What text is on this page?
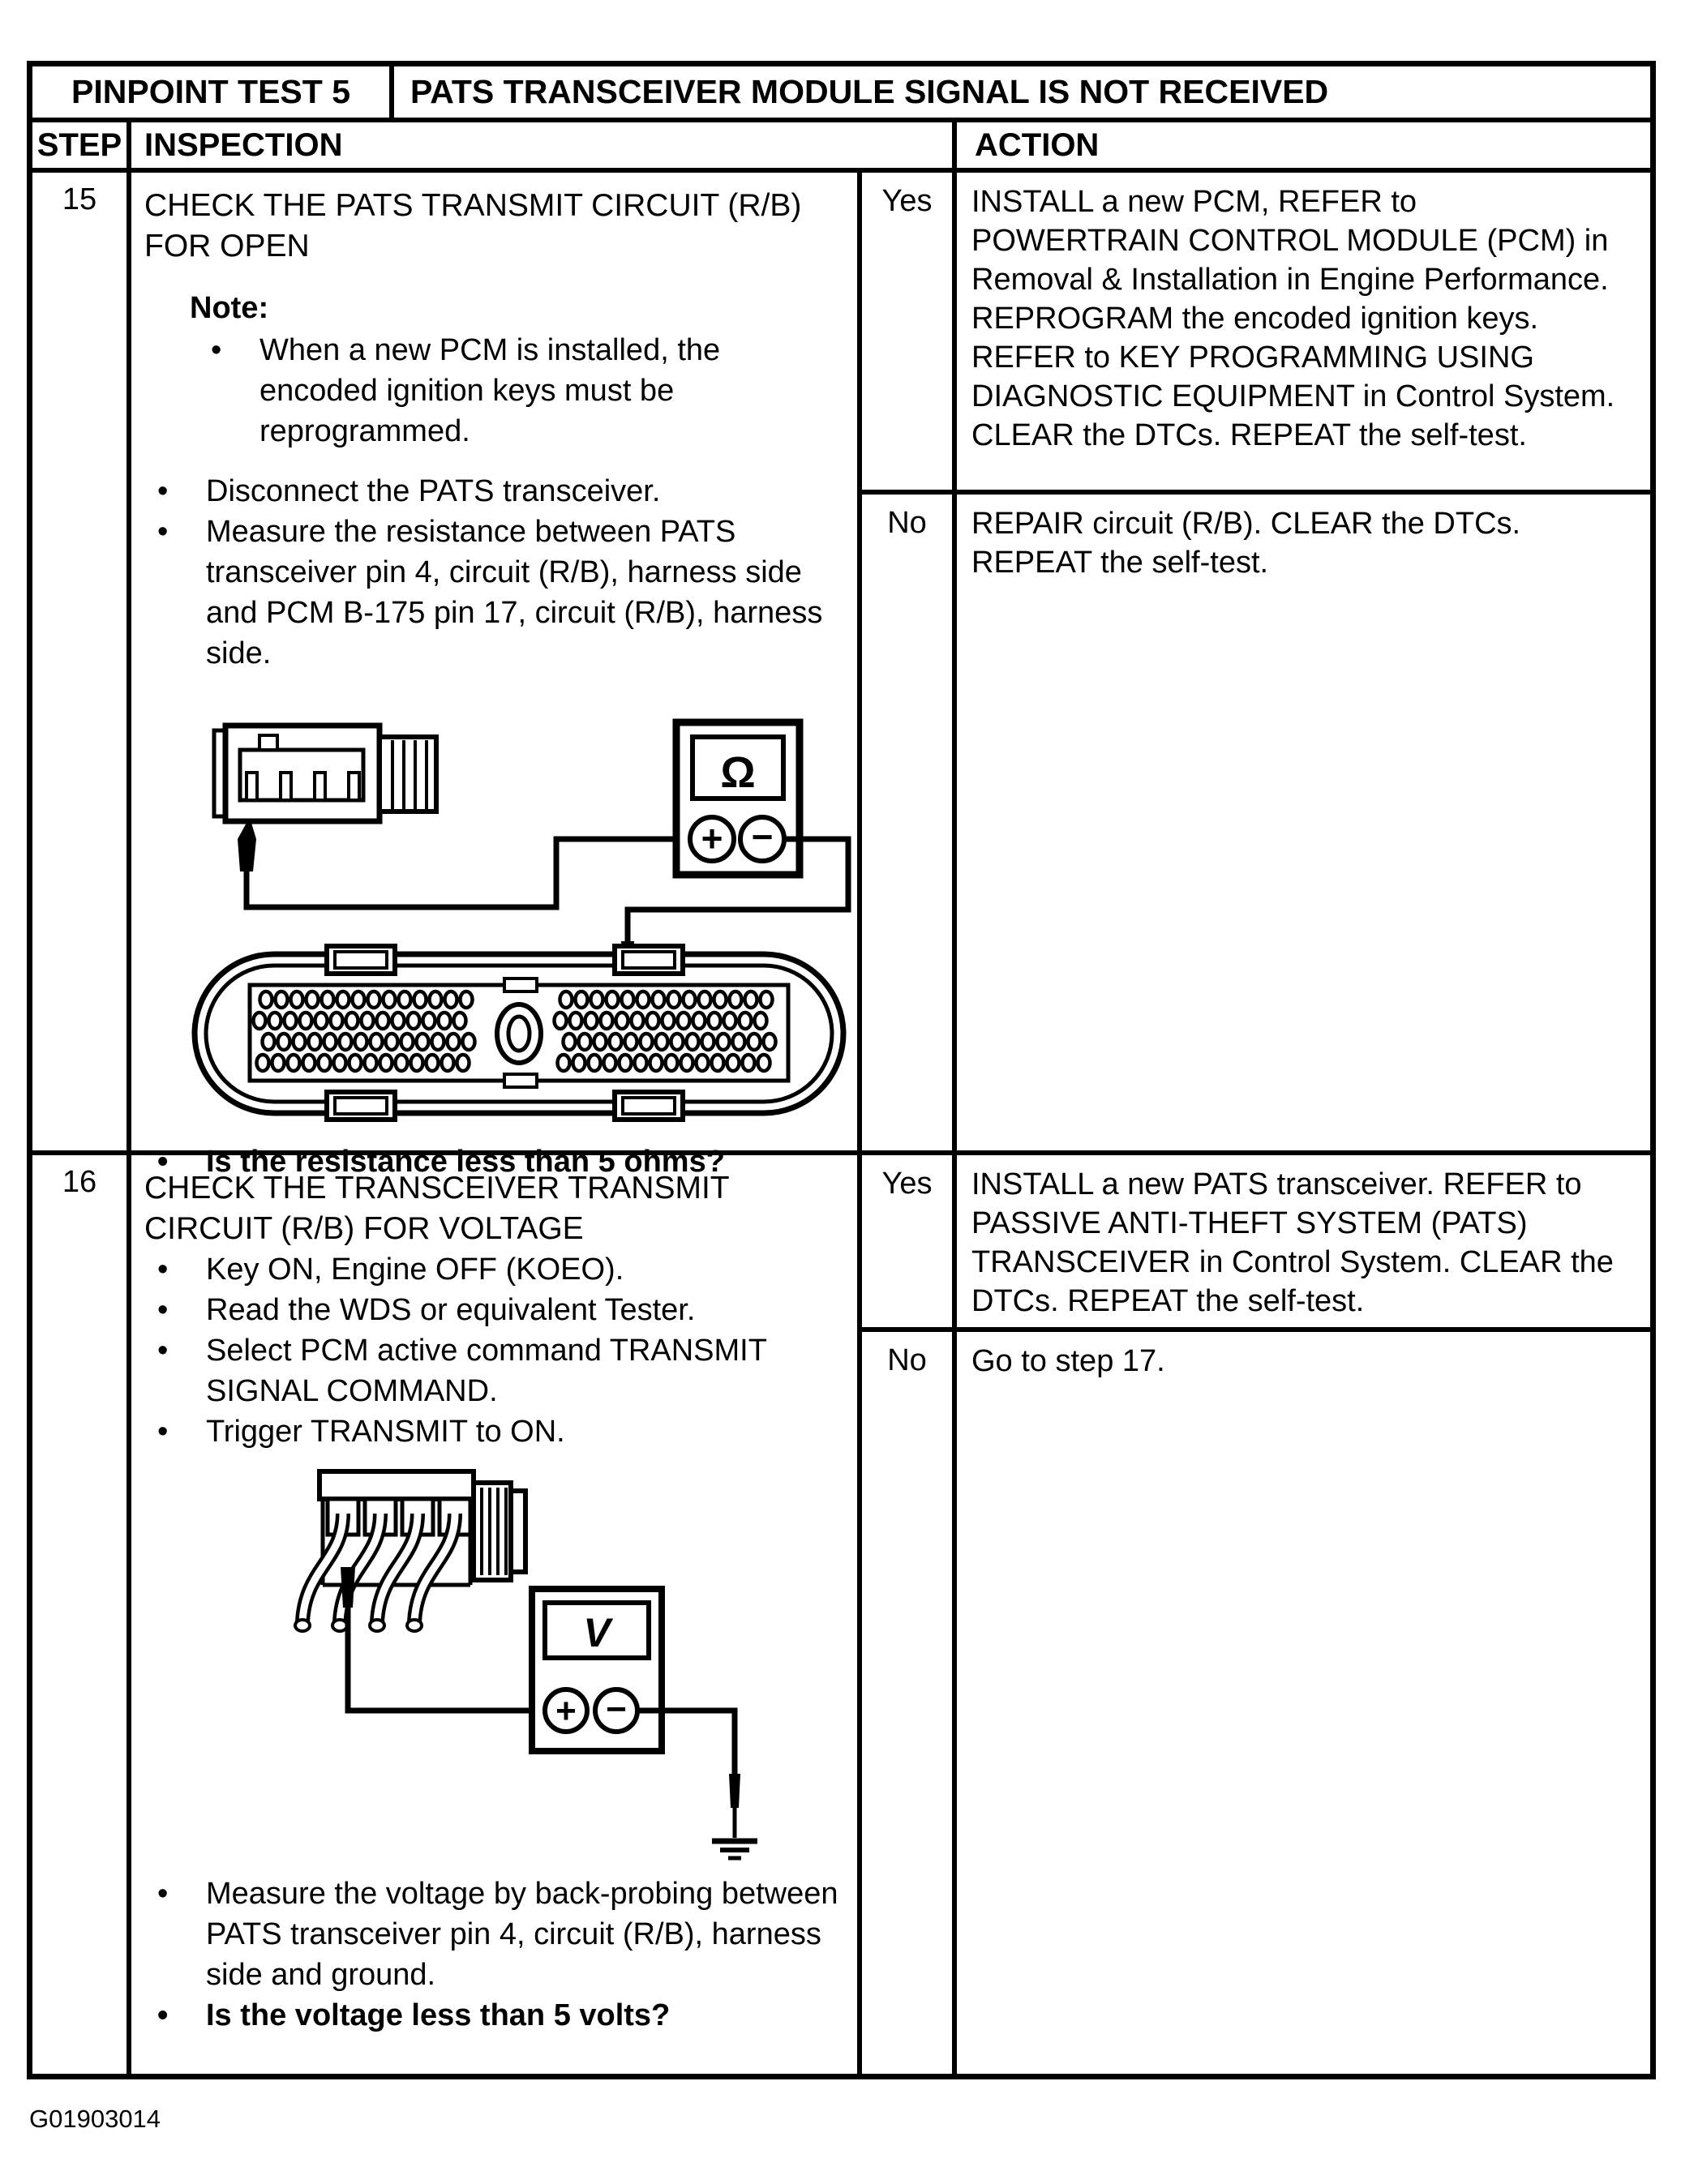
PINPOINT TEST 5	PATS TRANSCEIVER MODULE SIGNAL IS NOT RECEIVED
STEP INSPECTION	ACTION
15	CHECK THE PATS TRANSMIT CIRCUIT (R/B) FOR OPEN
Note:
•	When a new PCM is installed, the encoded ignition keys must be reprogrammed.
•	Disconnect the PATS transceiver.
•	Measure the resistance between PATS transceiver pin 4, circuit (R/B), harness side and PCM B-175 pin 17, circuit (R/B), harness side.
Ω
+ −
•	Is the resistance less than 5 ohms?
Yes	INSTALL a new PCM, REFER to POWERTRAIN CONTROL MODULE (PCM) in Removal & Installation in Engine Performance. REPROGRAM the encoded ignition keys. REFER to KEY PROGRAMMING USING DIAGNOSTIC EQUIPMENT in Control System. CLEAR the DTCs. REPEAT the self-test.
No	REPAIR circuit (R/B). CLEAR the DTCs. REPEAT the self-test.
16	CHECK THE TRANSCEIVER TRANSMIT CIRCUIT (R/B) FOR VOLTAGE
•	Key ON, Engine OFF (KOEO).
•	Read the WDS or equivalent Tester.
•	Select PCM active command TRANSMIT SIGNAL COMMAND.
•	Trigger TRANSMIT to ON.
V
+ −
•	Measure the voltage by back-probing between PATS transceiver pin 4, circuit (R/B), harness side and ground.
•	Is the voltage less than 5 volts?
Yes	INSTALL a new PATS transceiver. REFER to PASSIVE ANTI-THEFT SYSTEM (PATS) TRANSCEIVER in Control System. CLEAR the DTCs. REPEAT the self-test.
No	Go to step 17.
G01903014
